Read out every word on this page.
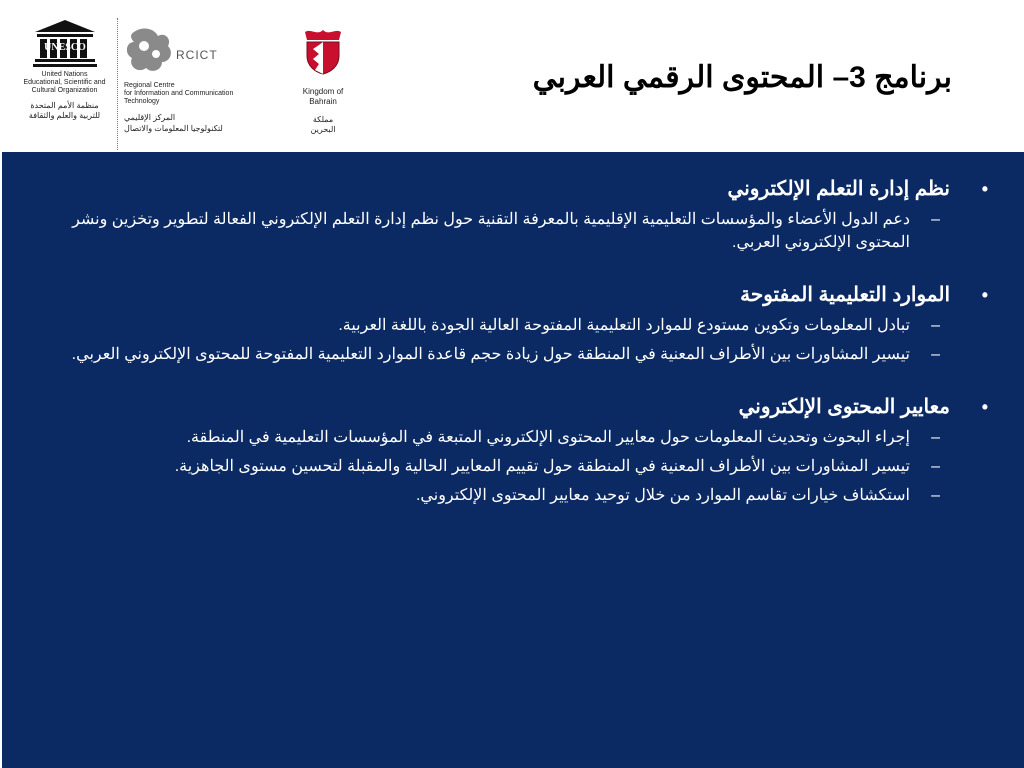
UNESCO
United Nations
Educational, Scientific and
Cultural Organization
منظمة الأمم المتحدة
للتربية والعلم والثقافة
RCICT
Regional Centre
for Information and Communication
Technology
المركز الإقليمي
لتكنولوجيا المعلومات والاتصال
Kingdom of
Bahrain
مملكة
البحرين
برنامج 3– المحتوى الرقمي العربي
•
نظم إدارة التعلم الإلكتروني
–
دعم الدول الأعضاء والمؤسسات التعليمية الإقليمية بالمعرفة التقنية حول نظم إدارة التعلم الإلكتروني الفعالة لتطوير وتخزين ونشر المحتوى الإلكتروني العربي.
•
الموارد التعليمية المفتوحة
–
تبادل المعلومات وتكوين مستودع للموارد التعليمية المفتوحة العالية الجودة باللغة العربية.
–
تيسير المشاورات بين الأطراف المعنية في المنطقة حول زيادة حجم قاعدة الموارد التعليمية المفتوحة للمحتوى الإلكتروني العربي.
•
معايير المحتوى الإلكتروني
–
إجراء البحوث وتحديث المعلومات حول معايير المحتوى الإلكتروني المتبعة في المؤسسات التعليمية في المنطقة.
–
تيسير المشاورات بين الأطراف المعنية في المنطقة حول تقييم المعايير الحالية والمقبلة لتحسين مستوى الجاهزية.
–
استكشاف خيارات تقاسم الموارد من خلال توحيد معايير المحتوى الإلكتروني.
